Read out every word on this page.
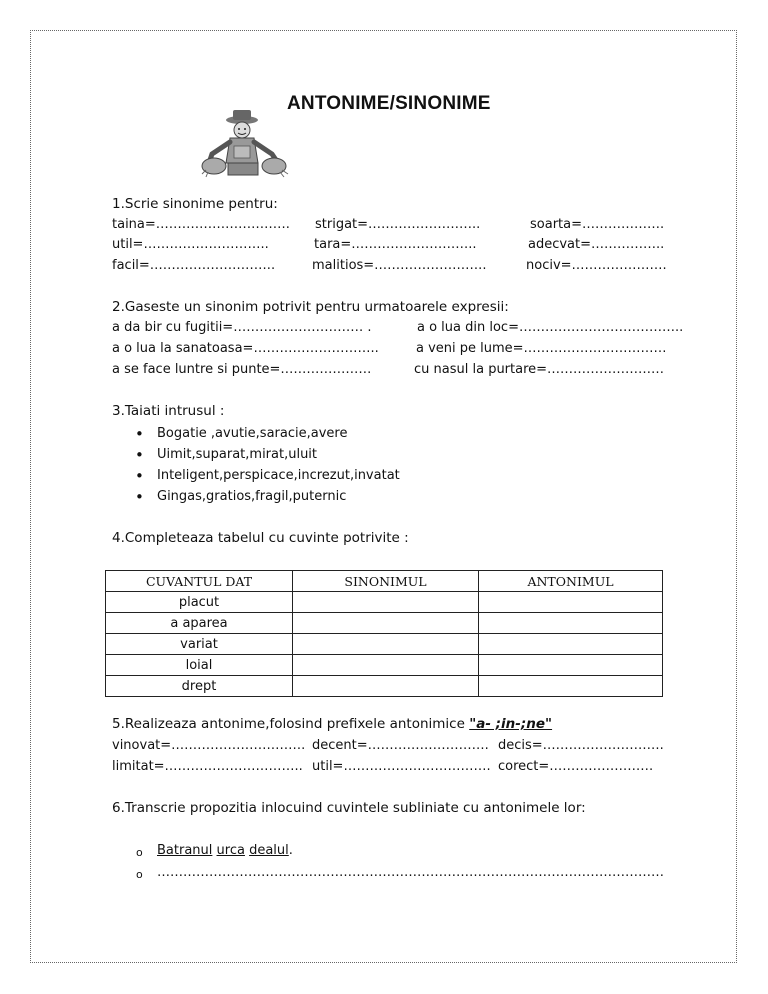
ANTONIME/SINONIME
1.Scrie sinonime pentru:
taina=…………………………. strigat=……………………..	soarta=……………….
util=………………………..	tara=………………………..	adecvat=……………..
facil=………………………..	malitios=……………………..	nociv=………………….
2.Gaseste un sinonim potrivit pentru urmatoarele expresii:
a da bir cu fugitii=………………………… .	a o lua din loc=………………………………..
a o lua la sanatoasa=………………………..	a veni pe lume=……………………………
a se face luntre si punte=…………………	cu nasul la purtare=………………………
3.Taiati intrusul :
• Bogatie ,avutie,saracie,avere
• Uimit,suparat,mirat,uluit
• Inteligent,perspicace,increzut,invatat
• Gingas,gratios,fragil,puternic
4.Completeaza tabelul cu cuvinte potrivite :
CUVANTUL DAT	SINONIMUL	ANTONIMUL
placut		
a aparea		
variat		
loial		
drept		
5.Realizeaza antonime,folosind prefixele antonimice "a- ;in-;ne"
vinovat=…………………………. decent=………………………. decis=……………………….
limitat=………………………….. util=……………………………. corect=……………………
6.Transcrie propozitia inlocuind cuvintele subliniate cu antonimele lor:
o Batranul urca dealul.
o ………………………………………………………………………………………………………
